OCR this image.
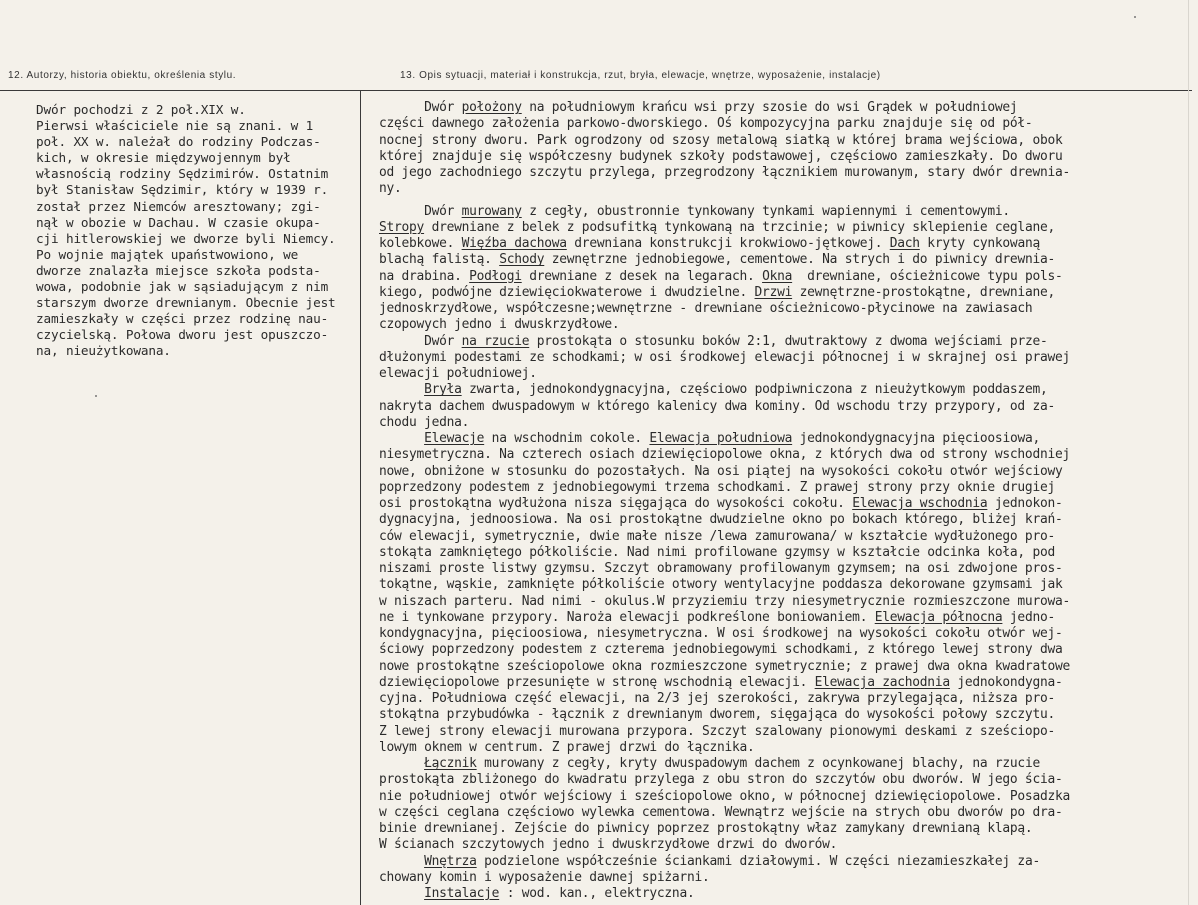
12. Autorzy, historia obiektu, określenia stylu.	13. Opis sytuacji, materiał i konstrukcja, rzut, bryła, elewacje, wnętrze, wyposażenie, instalacje)
Dwór pochodzi z 2 poł.XIX w.
Pierwsi właściciele nie są znani. w 1
poł. XX w. należał do rodziny Podczas-
kich, w okresie międzywojennym był
własnością rodziny Sędzimirów. Ostatnim
był Stanisław Sędzimir, który w 1939 r.
został przez Niemców aresztowany; zgi-
nął w obozie w Dachau. W czasie okupa-
cji hitlerowskiej we dworze byli Niemcy.
Po wojnie majątek upaństwowiono, we
dworze znalazła miejsce szkoła podsta-
wowa, podobnie jak w sąsiadującym z nim
starszym dworze drewnianym. Obecnie jest
zamieszkały w części przez rodzinę nau-
czycielską. Połowa dworu jest opuszczo-
na, nieużytkowana.
Dwór położony na południowym krańcu wsi przy szosie do wsi Grądek w południowej
części dawnego założenia parkowo-dworskiego. Oś kompozycyjna parku znajduje się od pół-
nocnej strony dworu. Park ogrodzony od szosy metalową siatką w której brama wejściowa, obok
której znajduje się współczesny budynek szkoły podstawowej, częściowo zamieszkały. Do dworu
od jego zachodniego szczytu przylega, przegrodzony łącznikiem murowanym, stary dwór drewnia-
ny.
Dwór murowany z cegły, obustronnie tynkowany tynkami wapiennymi i cementowymi.
Stropy drewniane z belek z podsufitką tynkowaną na trzcinie; w piwnicy sklepienie ceglane,
kolebkowe. Więźba dachowa drewniana konstrukcji krokwiowo-jętkowej. Dach kryty cynkowaną
blachą falistą. Schody zewnętrzne jednobiegowe, cementowe. Na strych i do piwnicy drewnia-
na drabina. Podłogi drewniane z desek na legarach. Okna  drewniane, ościeżnicowe typu pols-
kiego, podwójne dziewięciokwaterowe i dwudzielne. Drzwi zewnętrzne-prostokątne, drewniane,
jednoskrzydłowe, współczesne;wewnętrzne - drewniane ościeżnicowo-płycinowe na zawiasach
czopowych jedno i dwuskrzydłowe.
Dwór na rzucie prostokąta o stosunku boków 2:1, dwutraktowy z dwoma wejściami prze-
dłużonymi podestami ze schodkami; w osi środkowej elewacji północnej i w skrajnej osi prawej
elewacji południowej.
Bryła zwarta, jednokondygnacyjna, częściowo podpiwniczona z nieużytkowym poddaszem,
nakryta dachem dwuspadowym w którego kalenicy dwa kominy. Od wschodu trzy przypory, od za-
chodu jedna.
Elewacje na wschodnim cokole. Elewacja południowa jednokondygnacyjna pięcioosiowa,
niesymetryczna. Na czterech osiach dziewięciopolowe okna, z których dwa od strony wschodniej
nowe, obniżone w stosunku do pozostałych. Na osi piątej na wysokości cokołu otwór wejściowy
poprzedzony podestem z jednobiegowymi trzema schodkami. Z prawej strony przy oknie drugiej
osi prostokątna wydłużona nisza sięgająca do wysokości cokołu. Elewacja wschodnia jednokon-
dygnacyjna, jednoosiowa. Na osi prostokątne dwudzielne okno po bokach którego, bliżej krań-
ców elewacji, symetrycznie, dwie małe nisze /lewa zamurowana/ w kształcie wydłużonego pro-
stokąta zamkniętego półkoliście. Nad nimi profilowane gzymsy w kształcie odcinka koła, pod
niszami proste listwy gzymsu. Szczyt obramowany profilowanym gzymsem; na osi zdwojone pros-
tokątne, wąskie, zamknięte półkoliście otwory wentylacyjne poddasza dekorowane gzymsami jak
w niszach parteru. Nad nimi - okulus.W przyziemiu trzy niesymetrycznie rozmieszczone murowa-
ne i tynkowane przypory. Naroża elewacji podkreślone boniowaniem. Elewacja północna jedno-
kondygnacyjna, pięcioosiowa, niesymetryczna. W osi środkowej na wysokości cokołu otwór wej-
ściowy poprzedzony podestem z czterema jednobiegowymi schodkami, z którego lewej strony dwa
nowe prostokątne sześciopolowe okna rozmieszczone symetrycznie; z prawej dwa okna kwadratowe
dziewięciopolowe przesunięte w stronę wschodnią elewacji. Elewacja zachodnia jednokondygna-
cyjna. Południowa część elewacji, na 2/3 jej szerokości, zakrywa przylegająca, niższa pro-
stokątna przybudówka - łącznik z drewnianym dworem, sięgająca do wysokości połowy szczytu.
Z lewej strony elewacji murowana przypora. Szczyt szalowany pionowymi deskami z sześciopo-
lowym oknem w centrum. Z prawej drzwi do łącznika.
Łącznik murowany z cegły, kryty dwuspadowym dachem z ocynkowanej blachy, na rzucie
prostokąta zbliżonego do kwadratu przylega z obu stron do szczytów obu dworów. W jego ścia-
nie południowej otwór wejściowy i sześciopolowe okno, w północnej dziewięciopolowe. Posadzka
w części ceglana częściowo wylewka cementowa. Wewnątrz wejście na strych obu dworów po dra-
binie drewnianej. Zejście do piwnicy poprzez prostokątny właz zamykany drewnianą klapą.
W ścianach szczytowych jedno i dwuskrzydłowe drzwi do dworów.
Wnętrza podzielone współcześnie ściankami działowymi. W części niezamieszkałej za-
chowany komin i wyposażenie dawnej spiżarni.
Instalacje : wod. kan., elektryczna.
